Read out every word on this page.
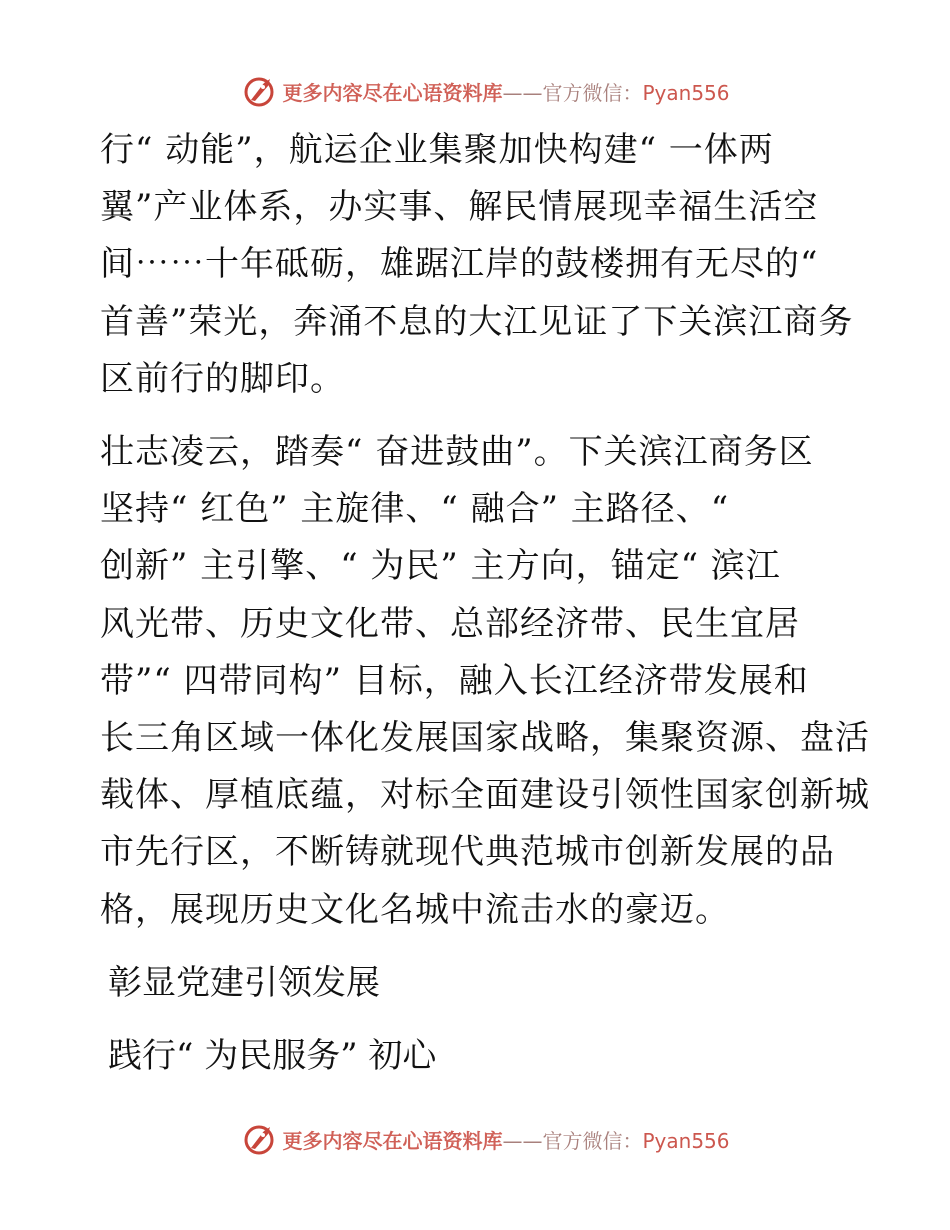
更多内容尽在心语资料库——官方微信：Pyan556

行“ 动能”，航运企业集聚加快构建“ 一体两
翼”产业体系，办实事、解民情展现幸福生活空
间⋯⋯十年砥砺，雄踞江岸的鼓楼拥有无尽的“
首善”荣光，奔涌不息的大江见证了下关滨江商务
区前行的脚印。

壮志凌云，踏奏“ 奋进鼓曲”。下关滨江商务区
坚持“ 红色” 主旋律、“ 融合” 主路径、“
创新” 主引擎、“ 为民” 主方向，锚定“ 滨江
风光带、历史文化带、总部经济带、民生宜居
带”“ 四带同构” 目标，融入长江经济带发展和
长三角区域一体化发展国家战略，集聚资源、盘活
载体、厚植底蕴，对标全面建设引领性国家创新城
市先行区，不断铸就现代典范城市创新发展的品
格，展现历史文化名城中流击水的豪迈。

彰显党建引领发展

践行“ 为民服务” 初心

更多内容尽在心语资料库——官方微信：Pyan556
